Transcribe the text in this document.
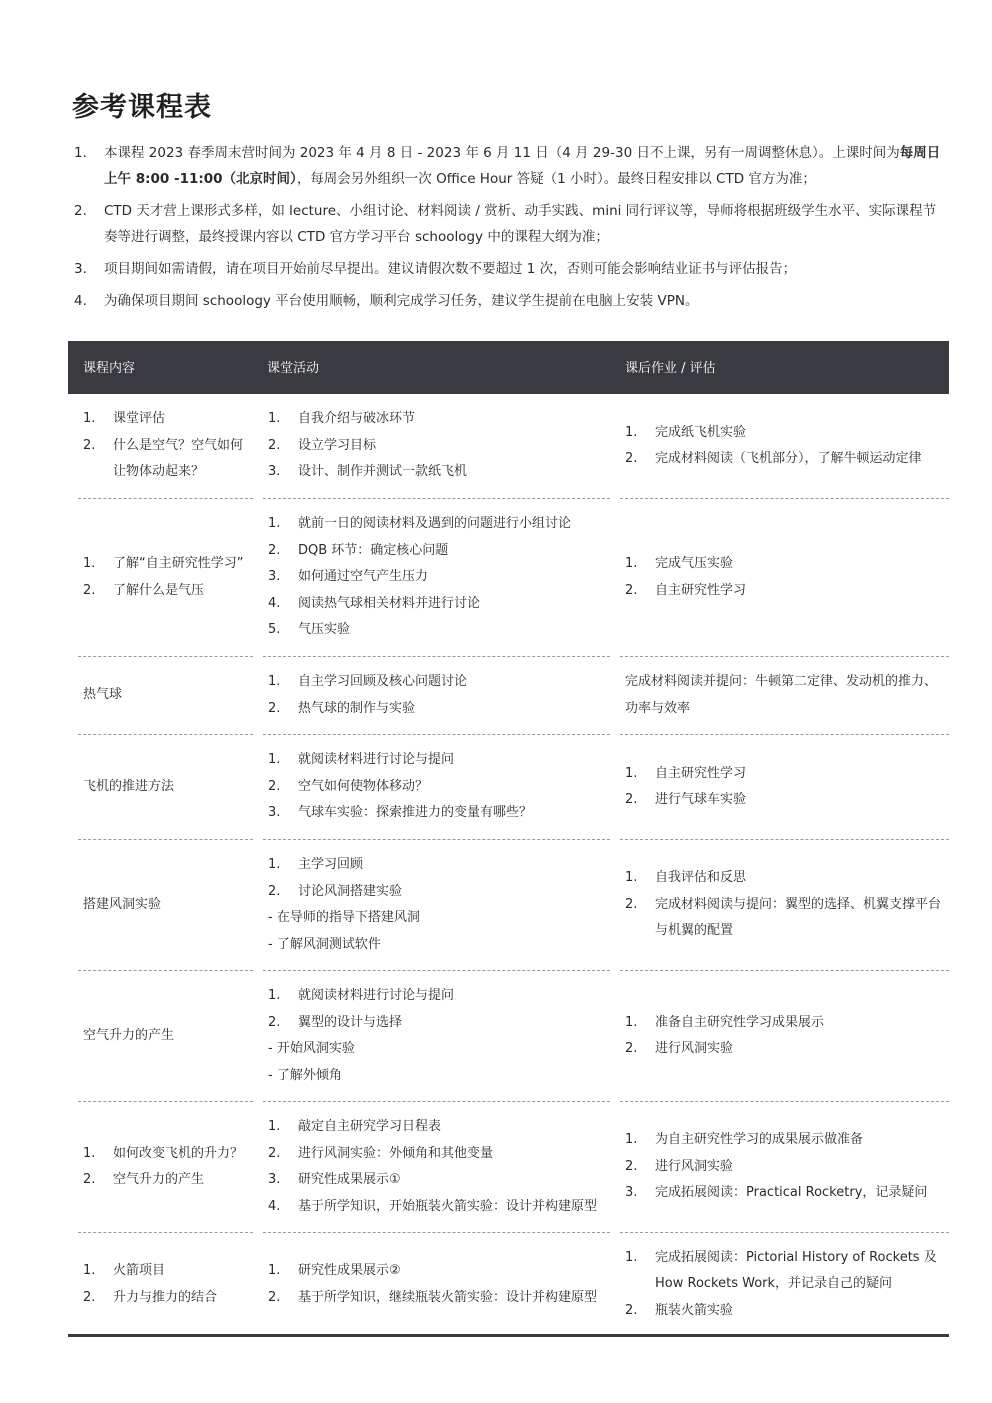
参考课程表
1. 本课程 2023 春季周末营时间为 2023 年 4 月 8 日 - 2023 年 6 月 11 日（4 月 29-30 日不上课，另有一周调整休息）。上课时间为每周日上午 8:00 -11:00（北京时间），每周会另外组织一次 Office Hour 答疑（1 小时）。最终日程安排以 CTD 官方为准；
2. CTD 天才营上课形式多样，如 lecture、小组讨论、材料阅读 / 赏析、动手实践、mini 同行评议等，导师将根据班级学生水平、实际课程节奏等进行调整，最终授课内容以 CTD 官方学习平台 schoology 中的课程大纲为准；
3. 项目期间如需请假，请在项目开始前尽早提出。建议请假次数不要超过 1 次，否则可能会影响结业证书与评估报告；
4. 为确保项目期间 schoology 平台使用顺畅，顺利完成学习任务，建议学生提前在电脑上安装 VPN。
课程内容	课堂活动	课后作业 / 评估
1. 课堂评估
2. 什么是空气？空气如何让物体动起来？
1. 自我介绍与破冰环节
2. 设立学习目标
3. 设计、制作并测试一款纸飞机
1. 完成纸飞机实验
2. 完成材料阅读（飞机部分），了解牛顿运动定律
1. 了解“自主研究性学习”
2. 了解什么是气压
1. 就前一日的阅读材料及遇到的问题进行小组讨论
2. DQB 环节：确定核心问题
3. 如何通过空气产生压力
4. 阅读热气球相关材料并进行讨论
5. 气压实验
1. 完成气压实验
2. 自主研究性学习
热气球
1. 自主学习回顾及核心问题讨论
2. 热气球的制作与实验
完成材料阅读并提问：牛顿第二定律、发动机的推力、功率与效率
飞机的推进方法
1. 就阅读材料进行讨论与提问
2. 空气如何使物体移动？
3. 气球车实验：探索推进力的变量有哪些？
1. 自主研究性学习
2. 进行气球车实验
搭建风洞实验
1. 主学习回顾
2. 讨论风洞搭建实验
- 在导师的指导下搭建风洞
- 了解风洞测试软件
1. 自我评估和反思
2. 完成材料阅读与提问：翼型的选择、机翼支撑平台与机翼的配置
空气升力的产生
1. 就阅读材料进行讨论与提问
2. 翼型的设计与选择
- 开始风洞实验
- 了解外倾角
1. 准备自主研究性学习成果展示
2. 进行风洞实验
1. 如何改变飞机的升力？
2. 空气升力的产生
1. 敲定自主研究学习日程表
2. 进行风洞实验：外倾角和其他变量
3. 研究性成果展示①
4. 基于所学知识，开始瓶装火箭实验：设计并构建原型
1. 为自主研究性学习的成果展示做准备
2. 进行风洞实验
3. 完成拓展阅读：Practical Rocketry，记录疑问
1. 火箭项目
2. 升力与推力的结合
1. 研究性成果展示②
2. 基于所学知识，继续瓶装火箭实验：设计并构建原型
1. 完成拓展阅读：Pictorial History of Rockets 及 How Rockets Work，并记录自己的疑问
2. 瓶装火箭实验
